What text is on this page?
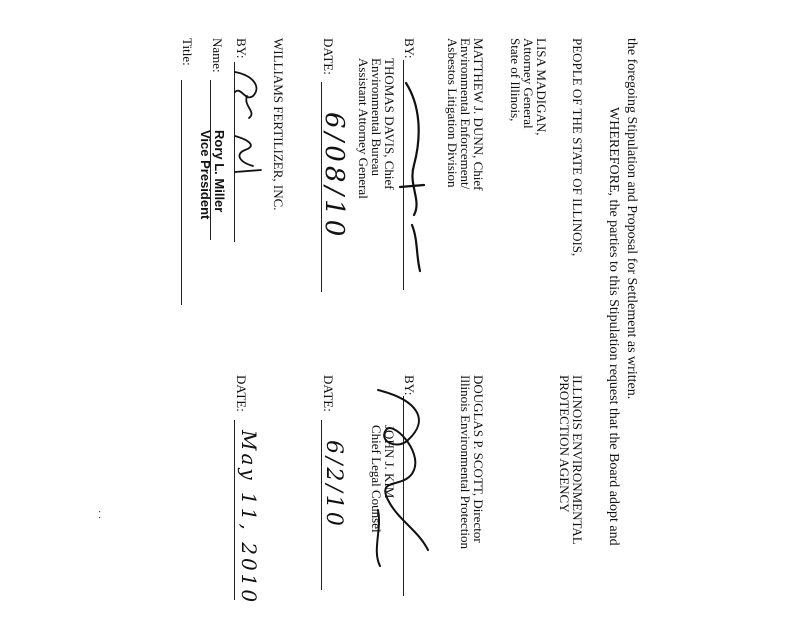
WHEREFORE, the parties to this Stipulation request that the Board adopt and the foregoing Stipulation and Proposal for Settlement as written.
PEOPLE OF THE STATE OF ILLINOIS,
LISA MADIGAN,
Attorney General
State of Illinois,
MATTHEW J. DUNN, Chief
Environmental Enforcement/
Asbestos Litigation Division
BY:
THOMAS DAVIS, Chief
Environmental Bureau
Assistant Attorney General
DATE:
6/08/10
WILLIAMS FERTILIZER, INC.
BY:
Name:
Rory L. Miller
Vice President
Title:
ILLINOIS ENVIRONMENTAL
PROTECTION AGENCY
DOUGLAS P. SCOTT, Director
Illinois Environmental Protection
BY:
JOHN J. KIM
Chief Legal Counsel
DATE:
6/2/10
DATE:
May 11, 2010
· ·
